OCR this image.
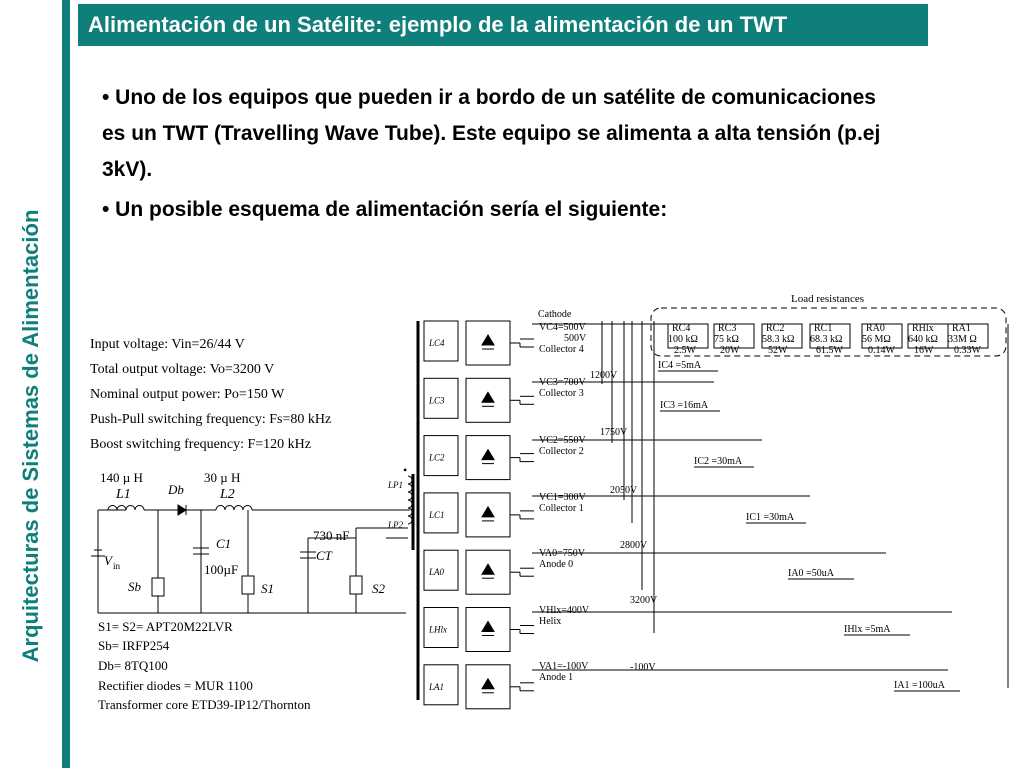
Arquitecturas de Sistemas de Alimentación
Alimentación de un Satélite: ejemplo de la alimentación de un TWT

• Uno de los equipos que pueden ir a bordo de un satélite de comunicaciones es un TWT (Travelling Wave Tube). Este equipo se alimenta a alta tensión (p.ej 3kV).

• Un posible esquema de alimentación sería el siguiente:

Input voltage: Vin=26/44 V
Total output voltage: Vo=3200 V
Nominal output power: Po=150 W
Push-Pull switching frequency: Fs=80 kHz
Boost switching frequency: F=120 kHz
V in
•
140 µ H
L1	Db
30 µ H
L2
C1
100µF
730 nF
CT
Sb	S1	S2
LP1
LP2
S1= S2= APT20M22LVR
Sb= IRFP254
Db= 8TQ100
Rectifier diodes = MUR 1100
Transformer core ETD39-IP12/Thornton
LC4
LC3
LC2
LC1
LA0
LHlx
LA1
VC4=500V
500V
Collector 4
VC3=700V
Collector 3
VC2=550V
Collector 2
VC1=300V
Collector 1
VA0=750V
Anode 0
VHlx=400V
Helix
VA1=-100V
Anode 1
Cathode
1200V
1750V
2050V
2800V
3200V
-100V
IC4 =5mA
IC3 =16mA
IC2 =30mA
IC1 =30mA
IA0 =50uA
IHlx =5mA
IA1 =100uA
Load resistances
RC4
100 kΩ
2.5W
RC3
75 kΩ
20W
RC2
58.3 kΩ
52W
RC1
68.3 kΩ
61.5W
RA0
56 MΩ
0.14W
RHlx
640 kΩ
16W
RA1
33M Ω
0.33W
